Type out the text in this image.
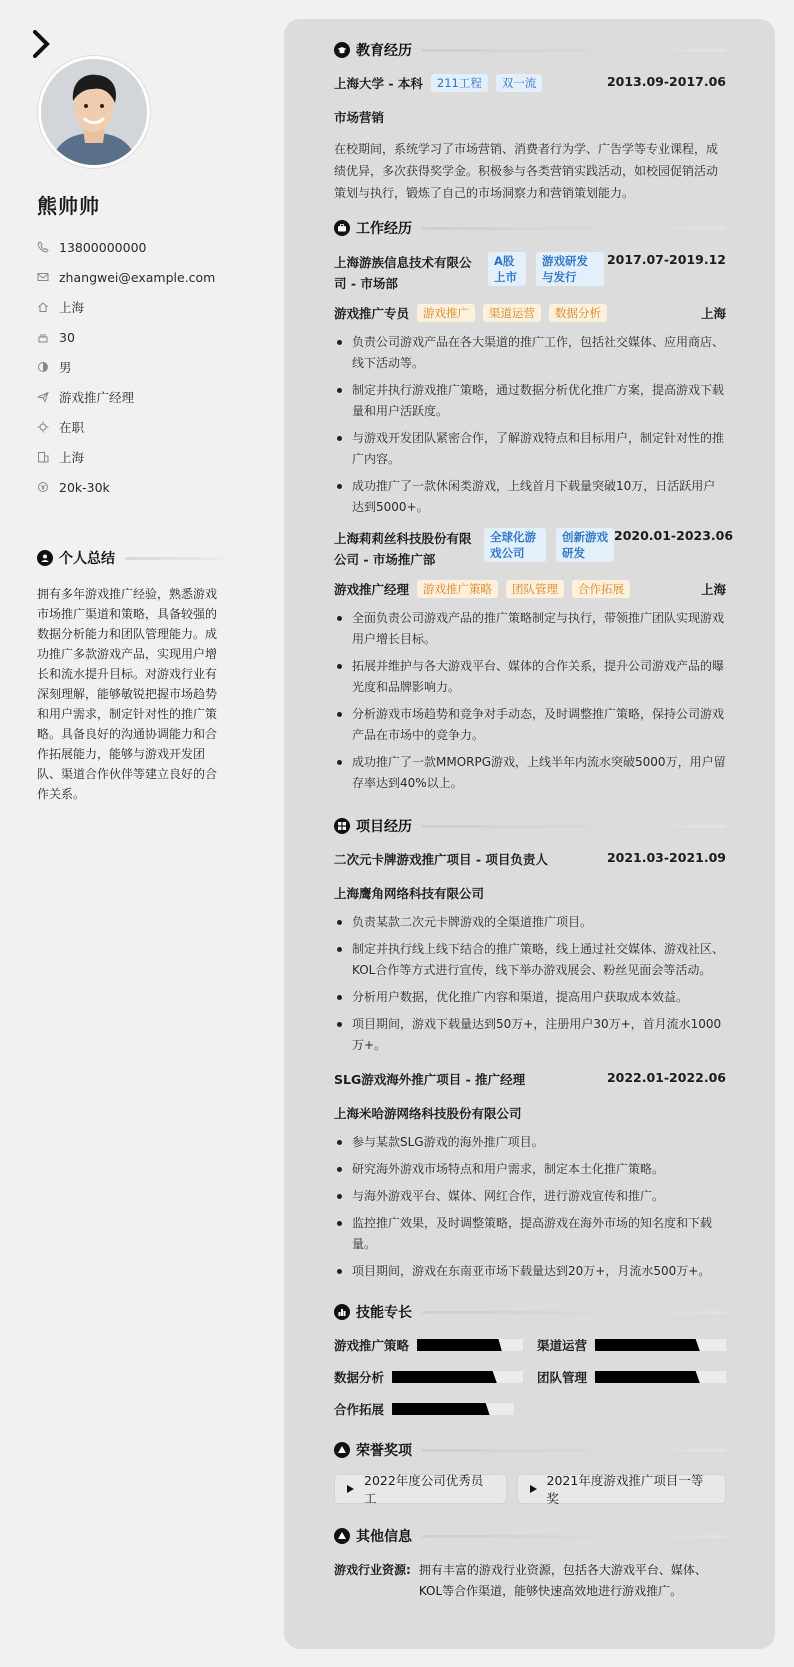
熊帅帅
13800000000
zhangwei@example.com
上海
30
男
游戏推广经理
在职
上海
20k-30k
个人总结

拥有多年游戏推广经验，熟悉游戏市场推广渠道和策略，具备较强的数据分析能力和团队管理能力。成功推广多款游戏产品，实现用户增长和流水提升目标。对游戏行业有深刻理解，能够敏锐把握市场趋势和用户需求，制定针对性的推广策略。具备良好的沟通协调能力和合作拓展能力，能够与游戏开发团队、渠道合作伙伴等建立良好的合作关系。

教育经历
上海大学 - 本科	211工程	双一流	2013.09-2017.06
市场营销

在校期间，系统学习了市场营销、消费者行为学、广告学等专业课程，成绩优异，多次获得奖学金。积极参与各类营销实践活动，如校园促销活动策划与执行，锻炼了自己的市场洞察力和营销策划能力。

工作经历
上海游族信息技术有限公司 - 市场部
A股上市
游戏研发与发行
2017.07-2019.12
游戏推广专员	游戏推广	渠道运营	数据分析	上海
负责公司游戏产品在各大渠道的推广工作，包括社交媒体、应用商店、线下活动等。
制定并执行游戏推广策略，通过数据分析优化推广方案，提高游戏下载量和用户活跃度。
与游戏开发团队紧密合作，了解游戏特点和目标用户，制定针对性的推广内容。
成功推广了一款休闲类游戏，上线首月下载量突破10万，日活跃用户达到5000+。
上海莉莉丝科技股份有限公司 - 市场推广部
全球化游戏公司
创新游戏研发
2020.01-2023.06
游戏推广经理	游戏推广策略	团队管理	合作拓展	上海
全面负责公司游戏产品的推广策略制定与执行，带领推广团队实现游戏用户增长目标。
拓展并维护与各大游戏平台、媒体的合作关系，提升公司游戏产品的曝光度和品牌影响力。
分析游戏市场趋势和竞争对手动态，及时调整推广策略，保持公司游戏产品在市场中的竞争力。
成功推广了一款MMORPG游戏，上线半年内流水突破5000万，用户留存率达到40%以上。
项目经历
二次元卡牌游戏推广项目 - 项目负责人	2021.03-2021.09
上海鹰角网络科技有限公司
负责某款二次元卡牌游戏的全渠道推广项目。
制定并执行线上线下结合的推广策略，线上通过社交媒体、游戏社区、KOL合作等方式进行宣传，线下举办游戏展会、粉丝见面会等活动。
分析用户数据，优化推广内容和渠道，提高用户获取成本效益。
项目期间，游戏下载量达到50万+，注册用户30万+，首月流水1000万+。
SLG游戏海外推广项目 - 推广经理	2022.01-2022.06
上海米哈游网络科技股份有限公司
参与某款SLG游戏的海外推广项目。
研究海外游戏市场特点和用户需求，制定本土化推广策略。
与海外游戏平台、媒体、网红合作，进行游戏宣传和推广。
监控推广效果，及时调整策略，提高游戏在海外市场的知名度和下载量。
项目期间，游戏在东南亚市场下载量达到20万+，月流水500万+。
技能专长
游戏推广策略	渠道运营
数据分析	团队管理
合作拓展
荣誉奖项
2022年度公司优秀员工
2021年度游戏推广项目一等奖
其他信息
游戏行业资源: 拥有丰富的游戏行业资源，包括各大游戏平台、媒体、KOL等合作渠道，能够快速高效地进行游戏推广。
